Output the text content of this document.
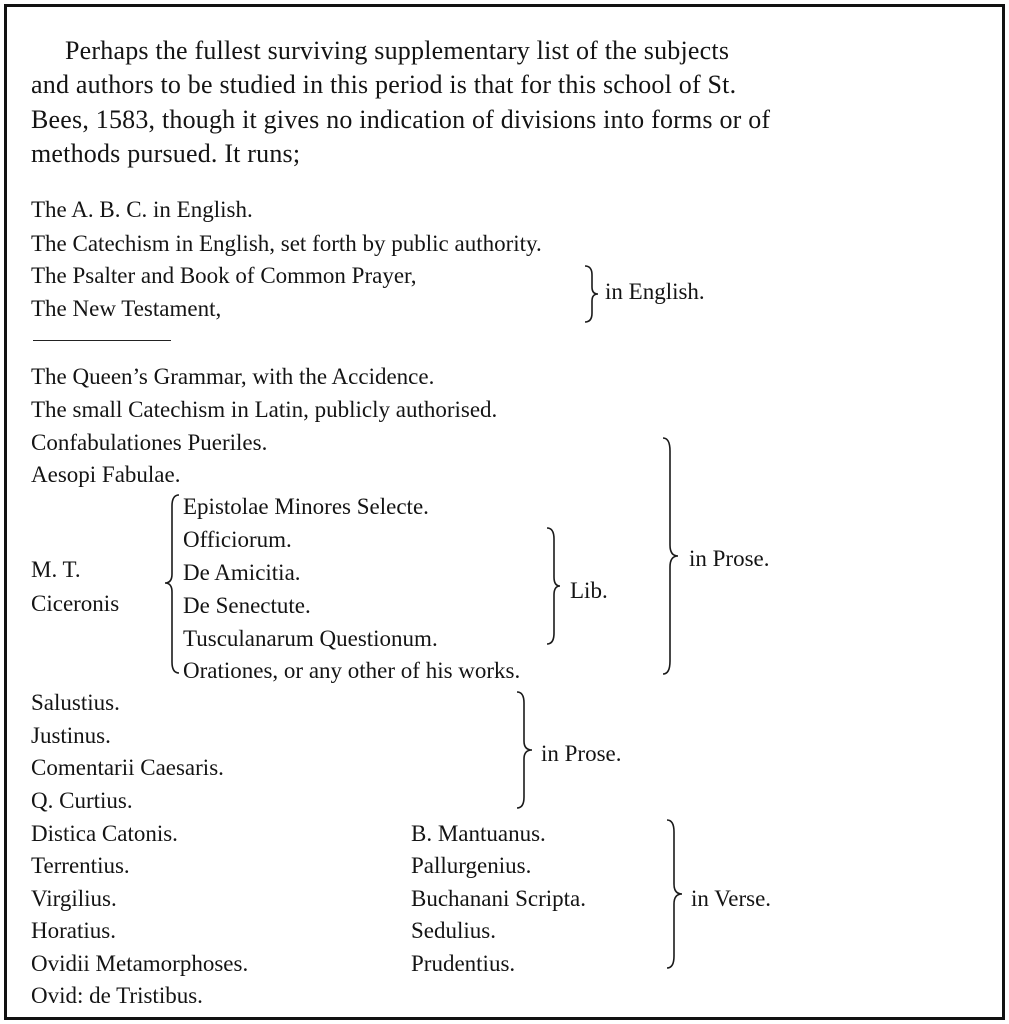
Perhaps the fullest surviving supplementary list of the subjects
and authors to be studied in this period is that for this school of St.
Bees, 1583, though it gives no indication of divisions into forms or of
methods pursued. It runs;
The A. B. C. in English.
The Catechism in English, set forth by public authority.
The Psalter and Book of Common Prayer,
The New Testament,
in English.
The Queen’s Grammar, with the Accidence.
The small Catechism in Latin, publicly authorised.
Confabulationes Pueriles.
Aesopi Fabulae.
M. T.
Ciceronis
Epistolae Minores Selecte.
Officiorum.
De Amicitia.
De Senectute.
Tusculanarum Questionum.
Orationes, or any other of his works.
Lib.
in Prose.
Salustius.
Justinus.
Comentarii Caesaris.
Q. Curtius.
in Prose.
Distica Catonis.
Terrentius.
Virgilius.
Horatius.
Ovidii Metamorphoses.
Ovid: de Tristibus.
B. Mantuanus.
Pallurgenius.
Buchanani Scripta.
Sedulius.
Prudentius.
in Verse.
